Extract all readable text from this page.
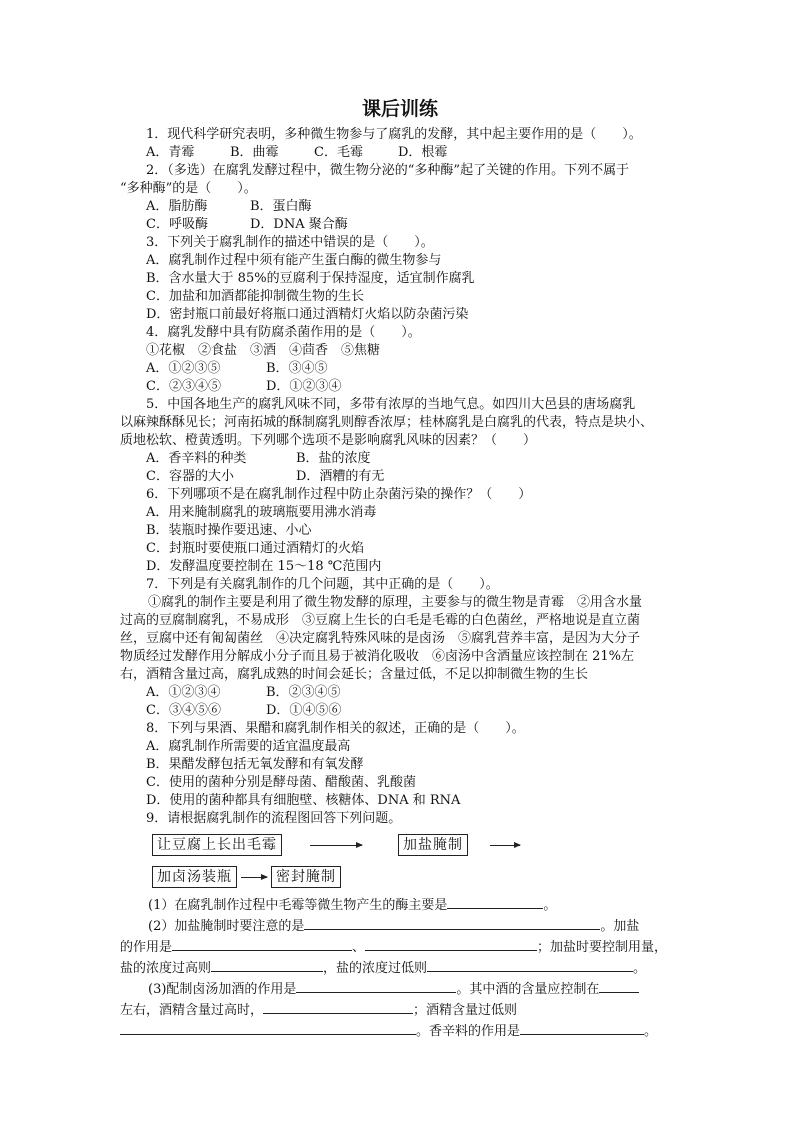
课后训练
1．现代科学研究表明，多种微生物参与了腐乳的发酵，其中起主要作用的是（　　）。
A．青霉	B．曲霉	C．毛霉	D．根霉
2．（多选）在腐乳发酵过程中，微生物分泌的“多种酶”起了关键的作用。下列不属于
“多种酶”的是（　　）。
A．脂肪酶	B．蛋白酶
C．呼吸酶	D．DNA 聚合酶
3．下列关于腐乳制作的描述中错误的是（　　）。
A．腐乳制作过程中须有能产生蛋白酶的微生物参与
B．含水量大于 85%的豆腐利于保持湿度，适宜制作腐乳
C．加盐和加酒都能抑制微生物的生长
D．密封瓶口前最好将瓶口通过酒精灯火焰以防杂菌污染
4．腐乳发酵中具有防腐杀菌作用的是（　　）。
①花椒　②食盐　③酒　④茴香　⑤焦糖
A．①②③⑤	B．③④⑤
C．②③④⑤	D．①②③④
5．中国各地生产的腐乳风味不同，多带有浓厚的当地气息。如四川大邑县的唐场腐乳
以麻辣酥酥见长；河南拓城的酥制腐乳则醇香浓厚；桂林腐乳是白腐乳的代表，特点是块小、
质地松软、橙黄透明。下列哪个选项不是影响腐乳风味的因素？（　　）
A．香辛料的种类	B．盐的浓度
C．容器的大小	D．酒糟的有无
6．下列哪项不是在腐乳制作过程中防止杂菌污染的操作？（　　）
A．用来腌制腐乳的玻璃瓶要用沸水消毒
B．装瓶时操作要迅速、小心
C．封瓶时要使瓶口通过酒精灯的火焰
D．发酵温度要控制在 15～18 ℃范围内
7．下列是有关腐乳制作的几个问题，其中正确的是（　　）。
①腐乳的制作主要是利用了微生物发酵的原理，主要参与的微生物是青霉　②用含水量
过高的豆腐制腐乳，不易成形　③豆腐上生长的白毛是毛霉的白色菌丝，严格地说是直立菌
丝，豆腐中还有匍匐菌丝　④决定腐乳特殊风味的是卤汤　⑤腐乳营养丰富，是因为大分子
物质经过发酵作用分解成小分子而且易于被消化吸收　⑥卤汤中含酒量应该控制在 21%左
右，酒精含量过高，腐乳成熟的时间会延长；含量过低，不足以抑制微生物的生长
A．①②③④	B．②③④⑤
C．③④⑤⑥	D．①④⑤⑥
8．下列与果酒、果醋和腐乳制作相关的叙述，正确的是（　　）。
A．腐乳制作所需要的适宜温度最高
B．果醋发酵包括无氧发酵和有氧发酵
C．使用的菌种分别是酵母菌、醋酸菌、乳酸菌
D．使用的菌种都具有细胞壁、核糖体、DNA 和 RNA
9．请根据腐乳制作的流程图回答下列问题。
让豆腐上长出毛霉	加盐腌制
加卤汤装瓶	密封腌制
(1）在腐乳制作过程中毛霉等微生物产生的酶主要是	。
(2）加盐腌制时要注意的是	。加盐
的作用是	、	；加盐时要控制用量，
盐的浓度过高则	，盐的浓度过低则	。
(3)配制卤汤加酒的作用是	。其中酒的含量应控制在
左右，酒精含量过高时，	；酒精含量过低则
。香辛料的作用是	。
